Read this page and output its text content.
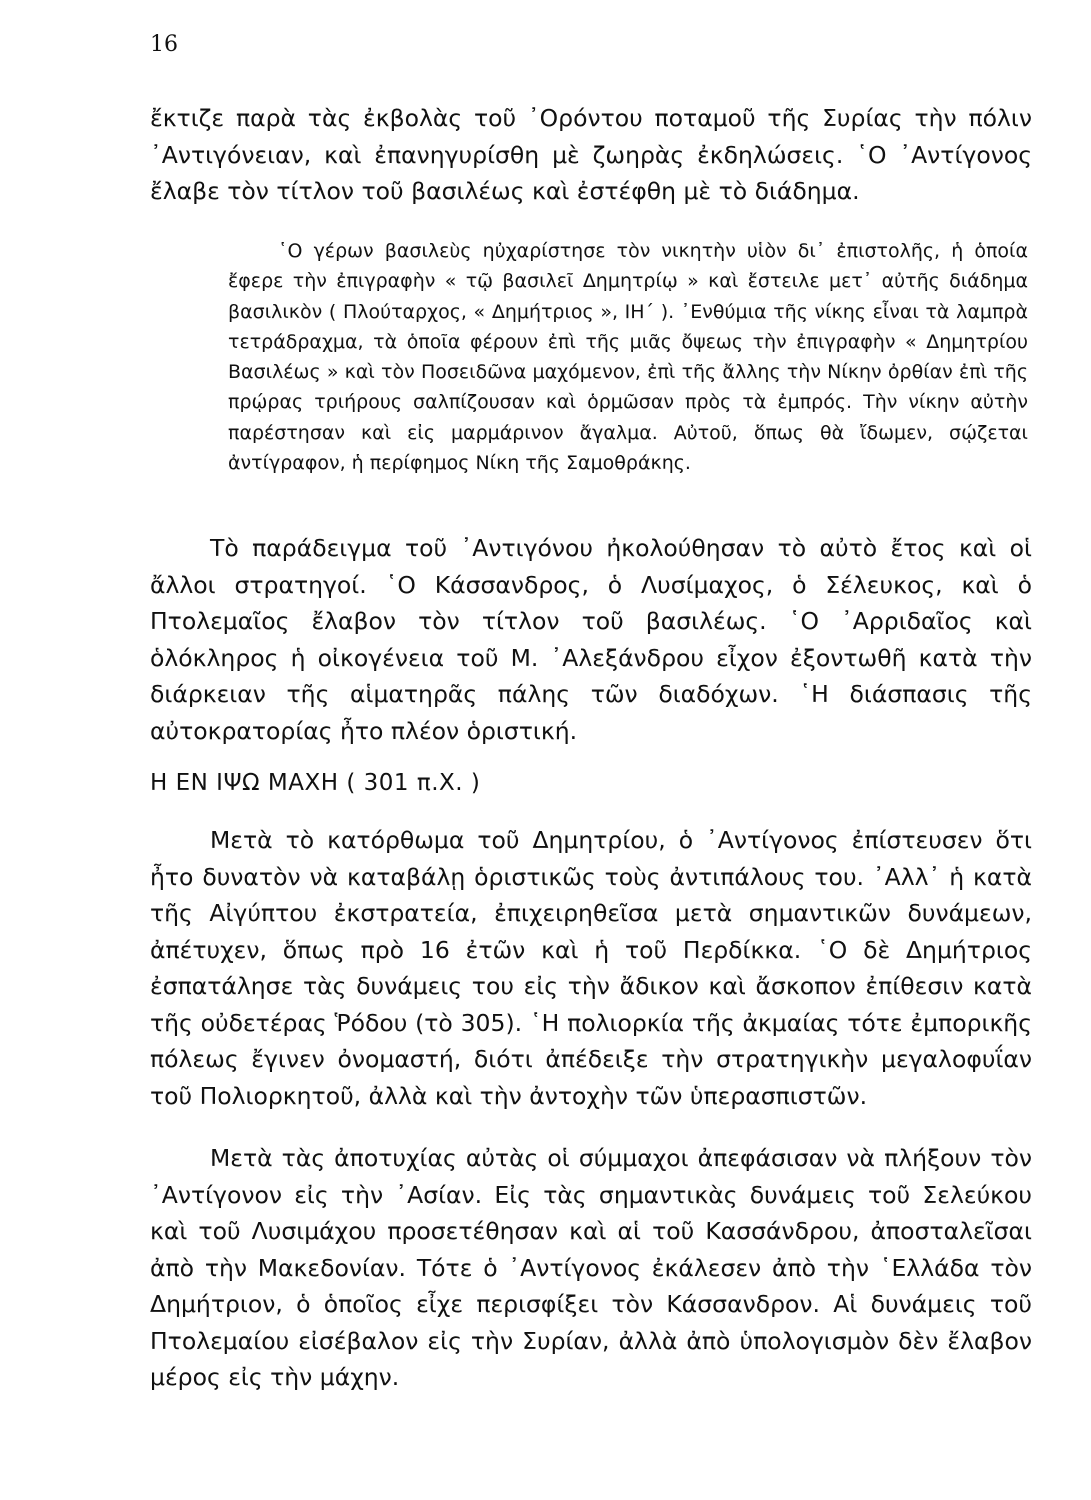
16

ἔκτιζε παρὰ τὰς ἐκβολὰς τοῦ ᾿Ορόντου ποταμοῦ τῆς Συρίας τὴν πόλιν ᾿Αντιγόνειαν, καὶ ἐπανηγυρίσθη μὲ ζωηρὰς ἐκδηλώσεις. ῾Ο ᾿Αντίγονος ἔλαβε τὸν τίτλον τοῦ βασιλέως καὶ ἐστέφθη μὲ τὸ διάδημα.

῾Ο γέρων βασιλεὺς ηὐχαρίστησε τὸν νικητὴν υἱὸν δι᾿ ἐπιστολῆς, ἡ ὁποία ἔφερε τὴν ἐπιγραφὴν « τῷ βασιλεῖ Δημητρίῳ » καὶ ἔστειλε μετ᾿ αὐτῆς διάδημα βασιλικὸν ( Πλούταρχος, « Δημήτριος », ΙΗ΄ ). ᾿Ενθύμια τῆς νίκης εἶναι τὰ λαμπρὰ τετράδραχμα, τὰ ὁποῖα φέρουν ἐπὶ τῆς μιᾶς ὄψεως τὴν ἐπιγραφὴν « Δημητρίου Βασιλέως » καὶ τὸν Ποσειδῶνα μαχόμενον, ἐπὶ τῆς ἄλλης τὴν Νίκην ὀρθίαν ἐπὶ τῆς πρῴρας τριήρους σαλπίζουσαν καὶ ὁρμῶσαν πρὸς τὰ ἐμπρός. Τὴν νίκην αὐτὴν παρέστησαν καὶ εἰς μαρμάρινον ἄγαλμα. Αὐτοῦ, ὅπως θὰ ἴδωμεν, σῴζεται ἀντίγραφον, ἡ περίφημος Νίκη τῆς Σαμοθράκης.

Τὸ παράδειγμα τοῦ ᾿Αντιγόνου ἠκολούθησαν τὸ αὐτὸ ἔτος καὶ οἱ ἄλλοι στρατηγοί. ῾Ο Κάσσανδρος, ὁ Λυσίμαχος, ὁ Σέλευκος, καὶ ὁ Πτολεμαῖος ἔλαβον τὸν τίτλον τοῦ βασιλέως. ῾Ο ᾿Αρριδαῖος καὶ ὁλόκληρος ἡ οἰκογένεια τοῦ Μ. ᾿Αλεξάνδρου εἶχον ἐξοντωθῆ κατὰ τὴν διάρκειαν τῆς αἱματηρᾶς πάλης τῶν διαδόχων. ῾Η διάσπασις τῆς αὐτοκρατορίας ἦτο πλέον ὁριστική.

Η ΕΝ ΙΨΩ ΜΑΧΗ ( 301 π.Χ. )

Μετὰ τὸ κατόρθωμα τοῦ Δημητρίου, ὁ ᾿Αντίγονος ἐπίστευσεν ὅτι ἦτο δυνατὸν νὰ καταβάλῃ ὁριστικῶς τοὺς ἀντιπάλους του. ᾿Αλλ᾿ ἡ κατὰ τῆς Αἰγύπτου ἐκστρατεία, ἐπιχειρηθεῖσα μετὰ σημαντικῶν δυνάμεων, ἀπέτυχεν, ὅπως πρὸ 16 ἐτῶν καὶ ἡ τοῦ Περδίκκα. ῾Ο δὲ Δημήτριος ἐσπατάλησε τὰς δυνάμεις του εἰς τὴν ἄδικον καὶ ἄσκοπον ἐπίθεσιν κατὰ τῆς οὐδετέρας Ῥόδου (τὸ 305). ῾Η πολιορκία τῆς ἀκμαίας τότε ἐμπορικῆς πόλεως ἔγινεν ὀνομαστή, διότι ἀπέδειξε τὴν στρατηγικὴν μεγαλοφυΐαν τοῦ Πολιορκητοῦ, ἀλλὰ καὶ τὴν ἀντοχὴν τῶν ὑπερασπιστῶν.

Μετὰ τὰς ἀποτυχίας αὐτὰς οἱ σύμμαχοι ἀπεφάσισαν νὰ πλήξουν τὸν ᾿Αντίγονον εἰς τὴν ᾿Ασίαν. Εἰς τὰς σημαντικὰς δυνάμεις τοῦ Σελεύκου καὶ τοῦ Λυσιμάχου προσετέθησαν καὶ αἱ τοῦ Κασσάνδρου, ἀποσταλεῖσαι ἀπὸ τὴν Μακεδονίαν. Τότε ὁ ᾿Αντίγονος ἐκάλεσεν ἀπὸ τὴν ῾Ελλάδα τὸν Δημήτριον, ὁ ὁποῖος εἶχε περισφίξει τὸν Κάσσανδρον. Αἱ δυνάμεις τοῦ Πτολεμαίου εἰσέβαλον εἰς τὴν Συρίαν, ἀλλὰ ἀπὸ ὑπολογισμὸν δὲν ἔλαβον μέρος εἰς τὴν μάχην.
